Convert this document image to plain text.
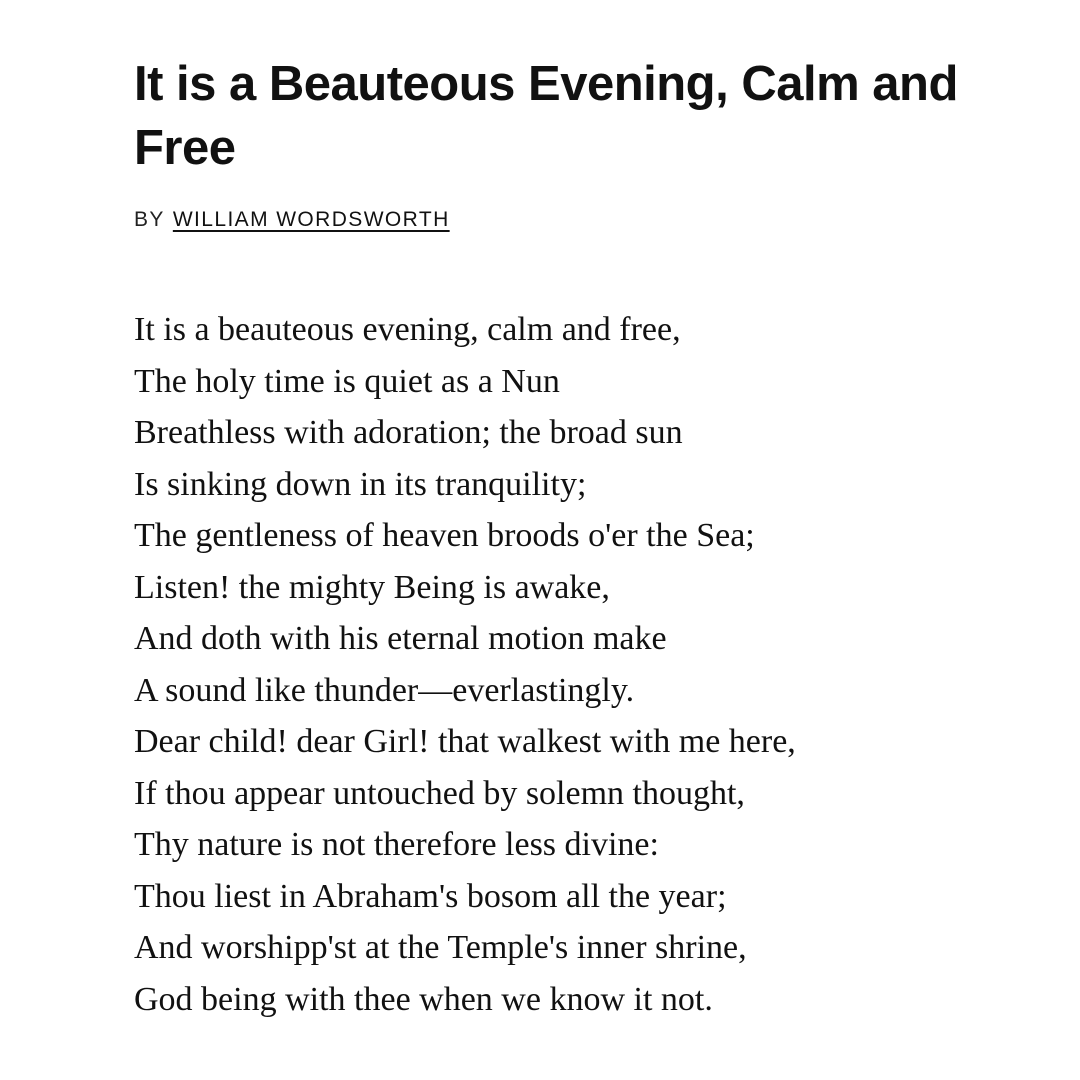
It is a Beauteous Evening, Calm and Free
BY WILLIAM WORDSWORTH
It is a beauteous evening, calm and free,
The holy time is quiet as a Nun
Breathless with adoration; the broad sun
Is sinking down in its tranquility;
The gentleness of heaven broods o'er the Sea;
Listen! the mighty Being is awake,
And doth with his eternal motion make
A sound like thunder—everlastingly.
Dear child! dear Girl! that walkest with me here,
If thou appear untouched by solemn thought,
Thy nature is not therefore less divine:
Thou liest in Abraham's bosom all the year;
And worshipp'st at the Temple's inner shrine,
God being with thee when we know it not.
